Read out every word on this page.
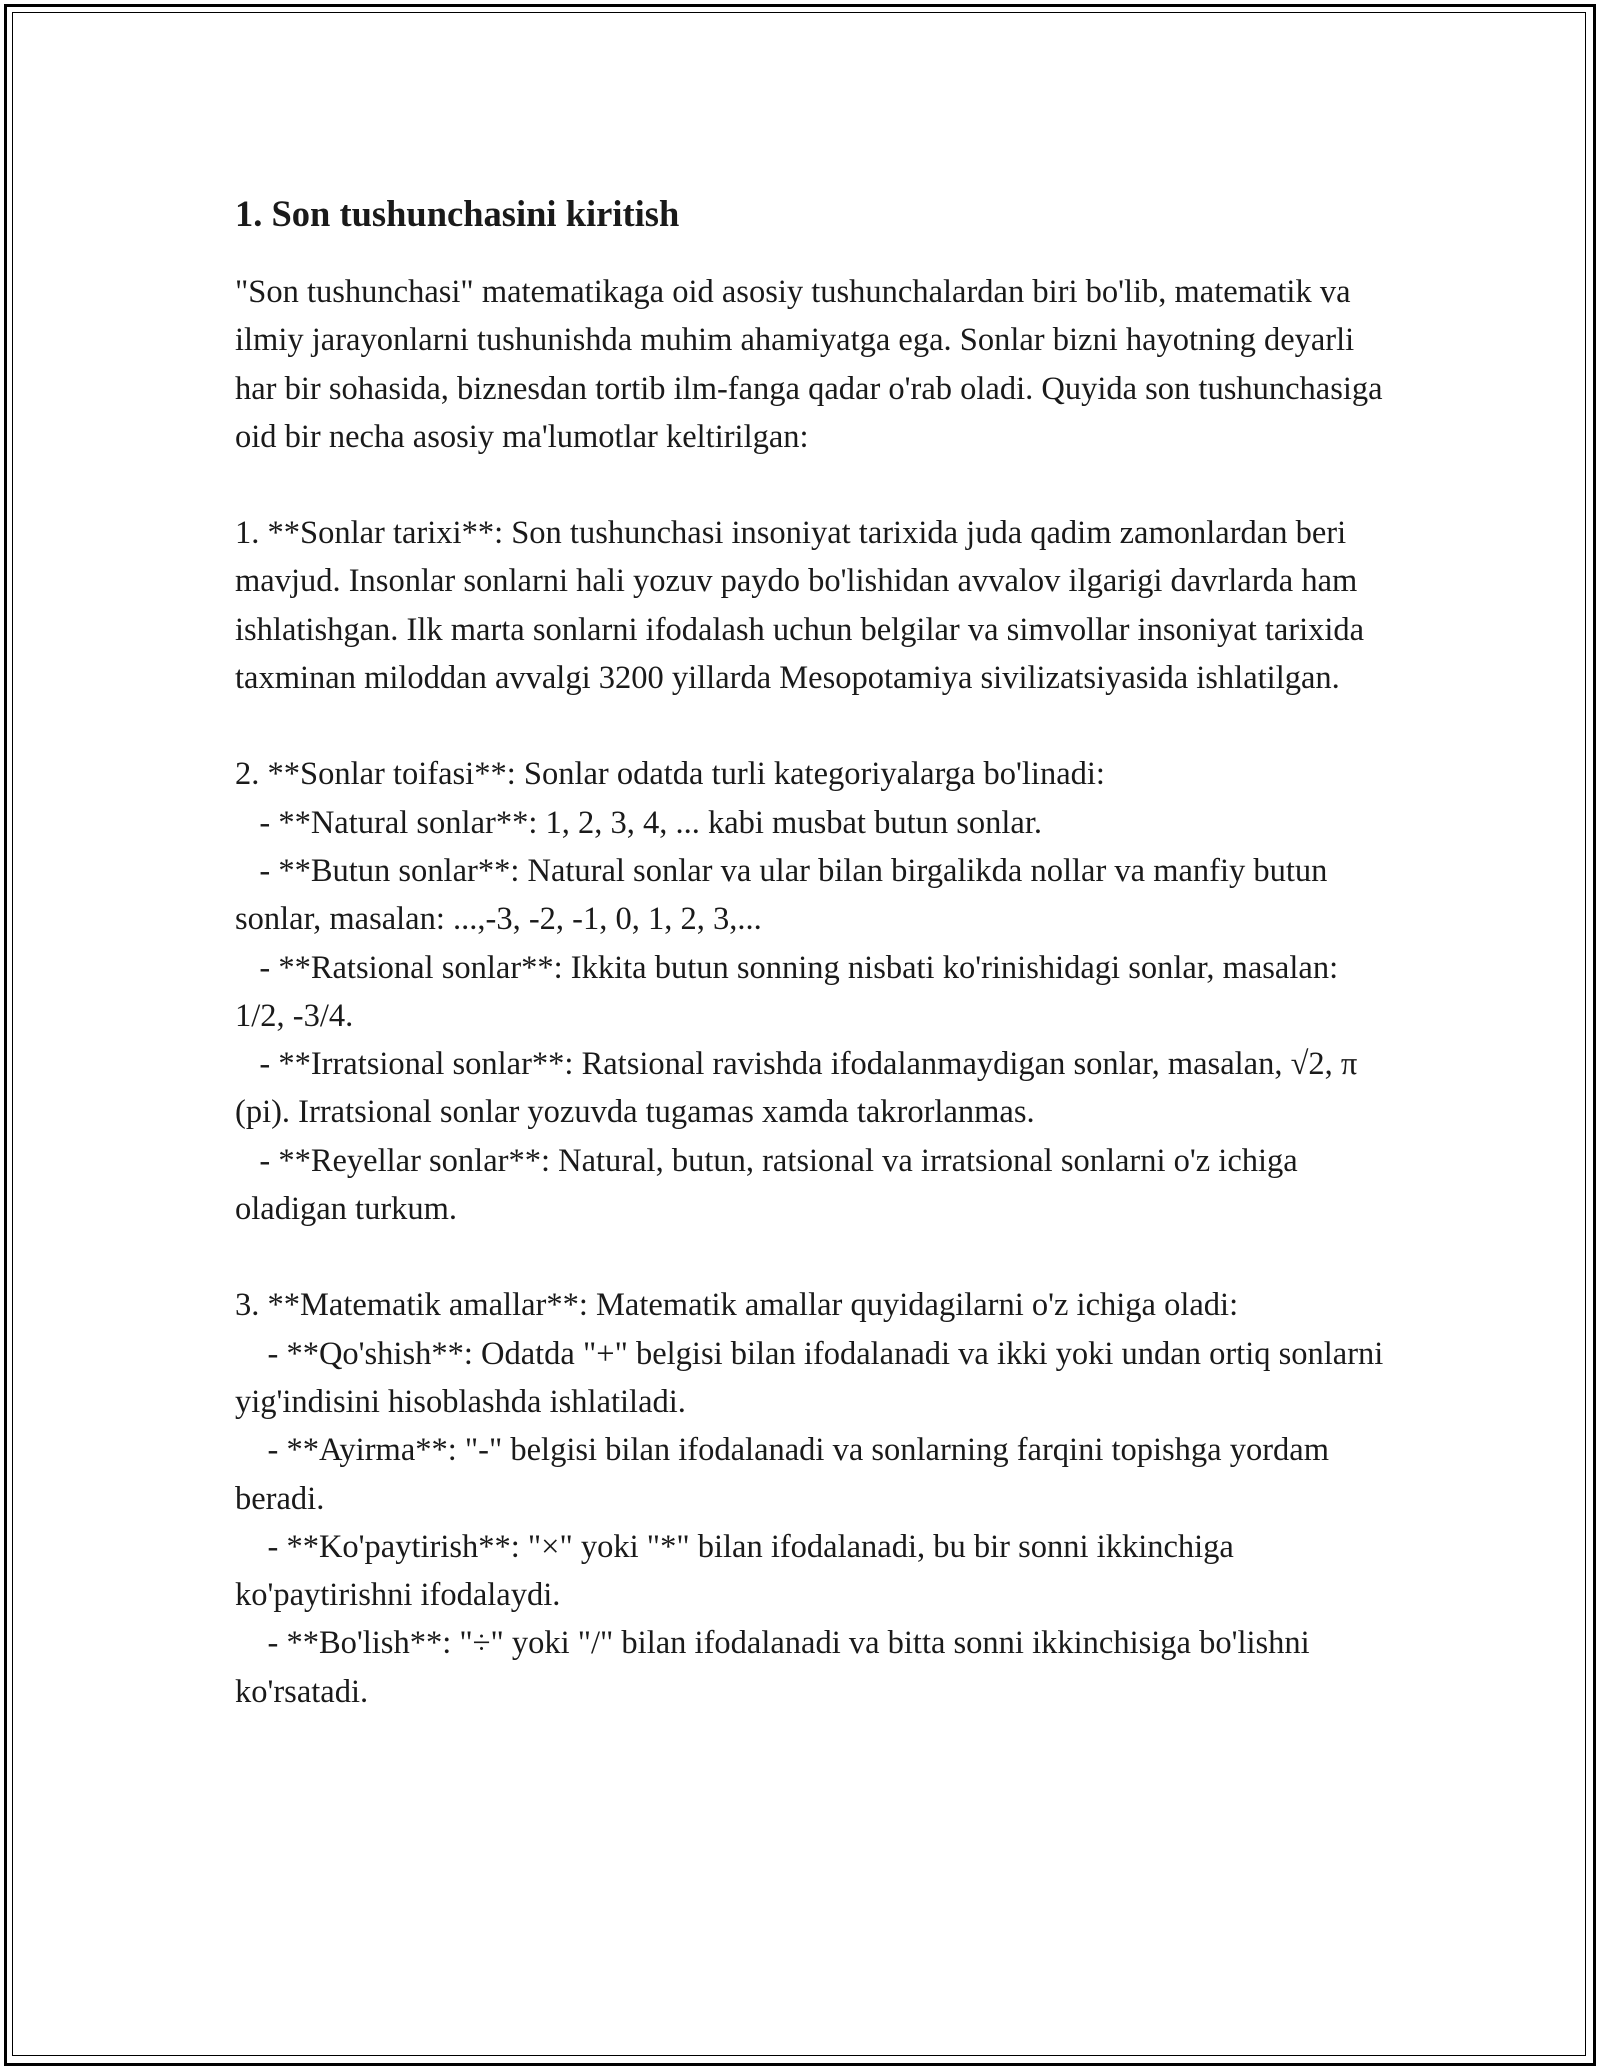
1. Son tushunchasini kiritish

"Son tushunchasi" matematikaga oid asosiy tushunchalardan biri bo'lib, matematik va ilmiy jarayonlarni tushunishda muhim ahamiyatga ega. Sonlar bizni hayotning deyarli har bir sohasida, biznesdan tortib ilm-fanga qadar o'rab oladi. Quyida son tushunchasiga oid bir necha asosiy ma'lumotlar keltirilgan:

1. **Sonlar tarixi**: Son tushunchasi insoniyat tarixida juda qadim zamonlardan beri mavjud. Insonlar sonlarni hali yozuv paydo bo'lishidan avvalov ilgarigi davrlarda ham ishlatishgan. Ilk marta sonlarni ifodalash uchun belgilar va simvollar insoniyat tarixida taxminan miloddan avvalgi 3200 yillarda Mesopotamiya sivilizatsiyasida ishlatilgan.

2. **Sonlar toifasi**: Sonlar odatda turli kategoriyalarga bo'linadi:
- **Natural sonlar**: 1, 2, 3, 4, ... kabi musbat butun sonlar.
- **Butun sonlar**: Natural sonlar va ular bilan birgalikda nollar va manfiy butun sonlar, masalan: ...,-3, -2, -1, 0, 1, 2, 3,...
- **Ratsional sonlar**: Ikkita butun sonning nisbati ko'rinishidagi sonlar, masalan: 1/2, -3/4.
- **Irratsional sonlar**: Ratsional ravishda ifodalanmaydigan sonlar, masalan, √2, π (pi). Irratsional sonlar yozuvda tugamas xamda takrorlanmas.
- **Reyellar sonlar**: Natural, butun, ratsional va irratsional sonlarni o'z ichiga oladigan turkum.
3. **Matematik amallar**: Matematik amallar quyidagilarni o'z ichiga oladi:
- **Qo'shish**: Odatda "+" belgisi bilan ifodalanadi va ikki yoki undan ortiq sonlarni yig'indisini hisoblashda ishlatiladi.
- **Ayirma**: "-" belgisi bilan ifodalanadi va sonlarning farqini topishga yordam beradi.
- **Ko'paytirish**: "×" yoki "*" bilan ifodalanadi, bu bir sonni ikkinchiga ko'paytirishni ifodalaydi.
- **Bo'lish**: "÷" yoki "/" bilan ifodalanadi va bitta sonni ikkinchisiga bo'lishni ko'rsatadi.
